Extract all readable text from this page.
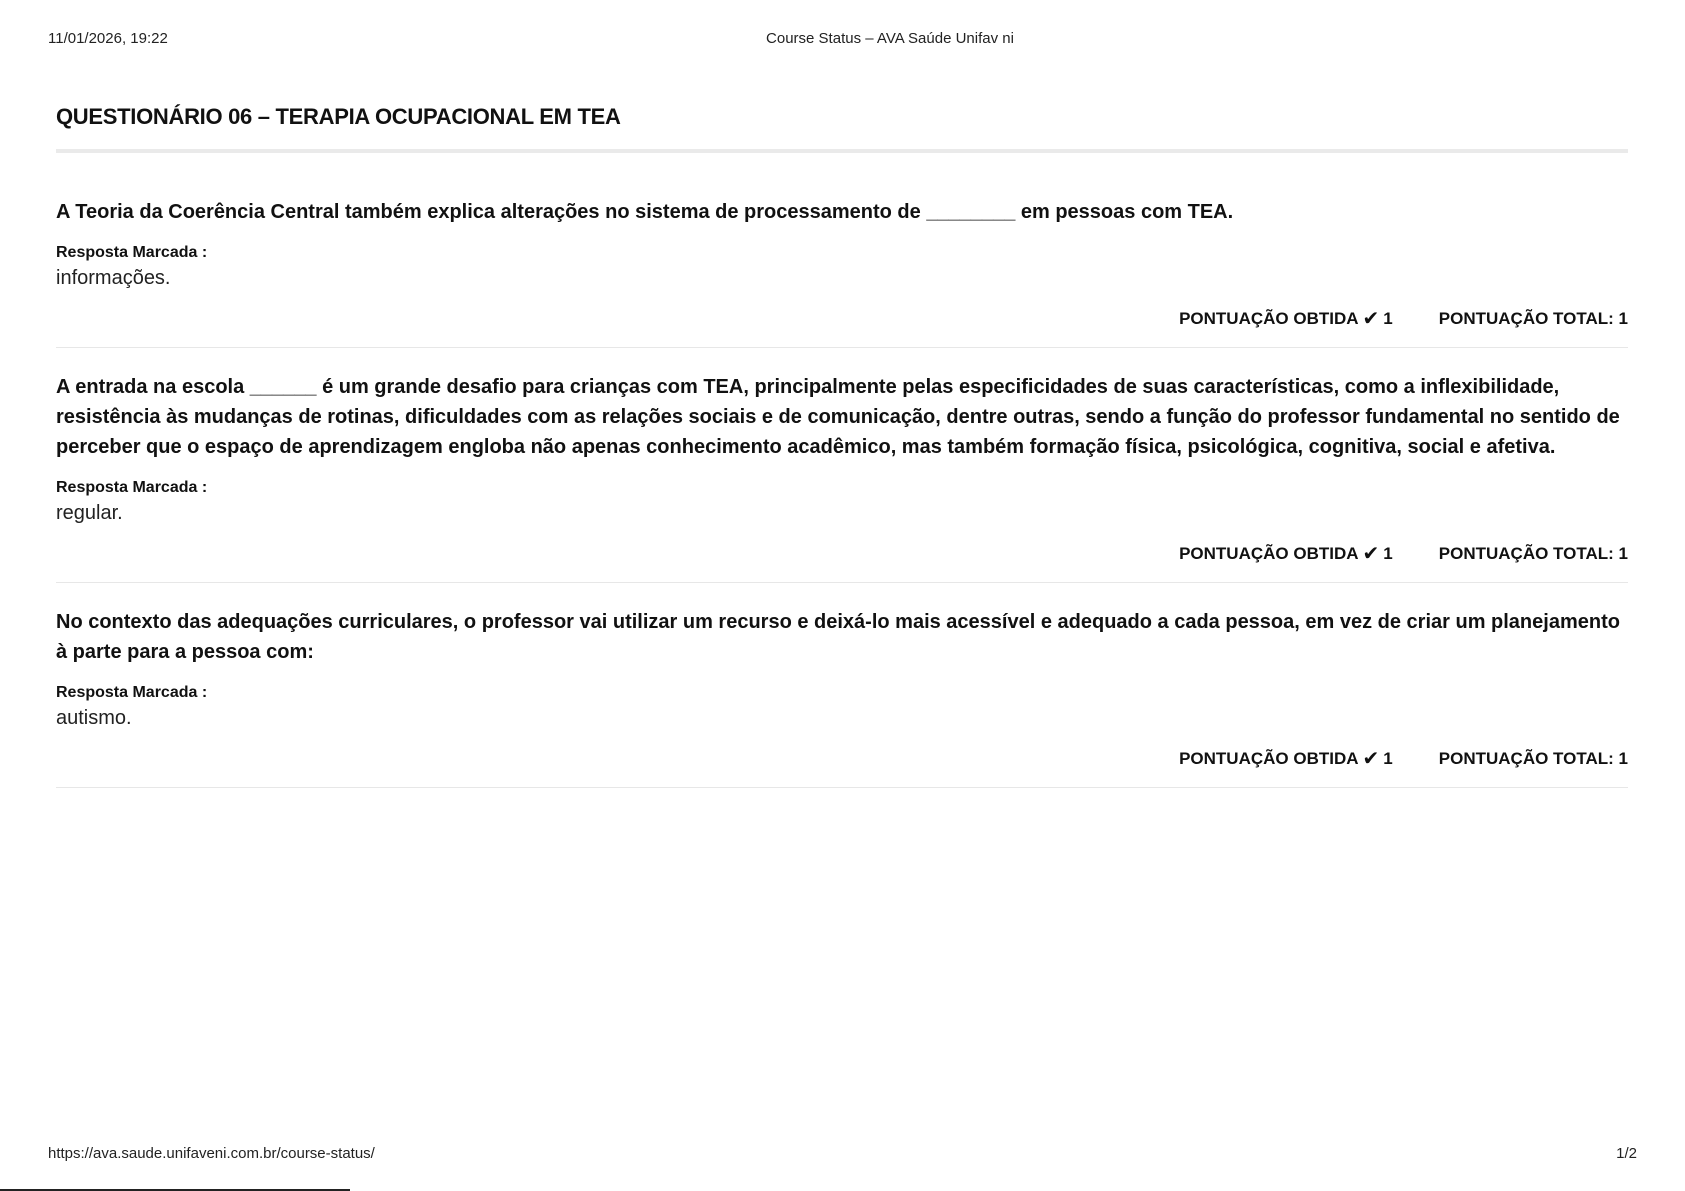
11/01/2026, 19:22	Course Status – AVA Saúde Unifav ni
QUESTIONÁRIO 06 – TERAPIA OCUPACIONAL EM TEA

A Teoria da Coerência Central também explica alterações no sistema de processamento de ________ em pessoas com TEA.

Resposta Marcada :
informações.
PONTUAÇÃO OBTIDA ✔ 1	PONTUAÇÃO TOTAL: 1

A entrada na escola ______ é um grande desafio para crianças com TEA, principalmente pelas especificidades de suas características, como a inflexibilidade, resistência às mudanças de rotinas, dificuldades com as relações sociais e de comunicação, dentre outras, sendo a função do professor fundamental no sentido de perceber que o espaço de aprendizagem engloba não apenas conhecimento acadêmico, mas também formação física, psicológica, cognitiva, social e afetiva.

Resposta Marcada :
regular.
PONTUAÇÃO OBTIDA ✔ 1	PONTUAÇÃO TOTAL: 1

No contexto das adequações curriculares, o professor vai utilizar um recurso e deixá-lo mais acessível e adequado a cada pessoa, em vez de criar um planejamento à parte para a pessoa com:

Resposta Marcada :
autismo.
PONTUAÇÃO OBTIDA ✔ 1	PONTUAÇÃO TOTAL: 1
https://ava.saude.unifaveni.com.br/course-status/	1/2
